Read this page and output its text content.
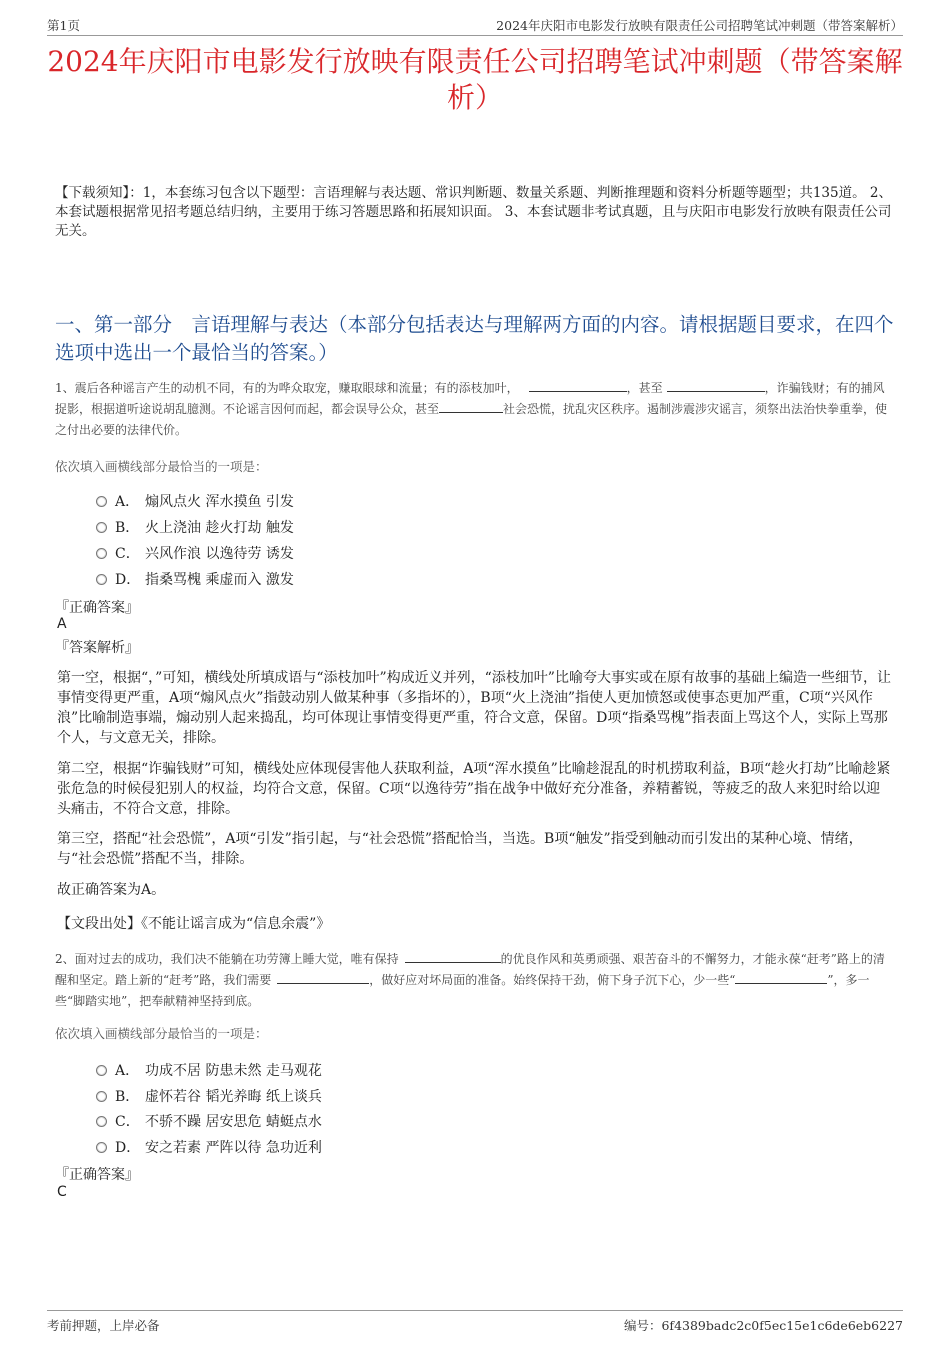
第1页	2024年庆阳市电影发行放映有限责任公司招聘笔试冲刺题（带答案解析）
2024年庆阳市电影发行放映有限责任公司招聘笔试冲刺题（带答案解析）
【下载须知】：1，本套练习包含以下题型：言语理解与表达题、常识判断题、数量关系题、判断推理题和资料分析题等题型；共135道。 2、本套试题根据常见招考题总结归纳，主要用于练习答题思路和拓展知识面。 3、本套试题非考试真题，且与庆阳市电影发行放映有限责任公司无关。
一、第一部分　言语理解与表达（本部分包括表达与理解两方面的内容。请根据题目要求，在四个选项中选出一个最恰当的答案。）
1、震后各种谣言产生的动机不同，有的为哗众取宠，赚取眼球和流量；有的添枝加叶，	，甚至	，诈骗钱财；有的捕风捉影，根据道听途说胡乱臆测。不论谣言因何而起，都会误导公众，甚至	社会恐慌，扰乱灾区秩序。遏制涉震涉灾谣言，须祭出法治快拳重拳，使之付出必要的法律代价。
依次填入画横线部分最恰当的一项是：
A． 煽风点火 浑水摸鱼 引发
B． 火上浇油 趁火打劫 触发
C． 兴风作浪 以逸待劳 诱发
D． 指桑骂槐 乘虚而入 激发
『正确答案』
A
『答案解析』

第一空，根据“，”可知，横线处所填成语与“添枝加叶”构成近义并列，“添枝加叶”比喻夸大事实或在原有故事的基础上编造一些细节，让事情变得更严重，A项“煽风点火”指鼓动别人做某种事（多指坏的），B项“火上浇油”指使人更加愤怒或使事态更加严重，C项“兴风作浪”比喻制造事端，煽动别人起来捣乱，均可体现让事情变得更严重，符合文意，保留。D项“指桑骂槐”指表面上骂这个人，实际上骂那个人，与文意无关，排除。

第二空，根据“诈骗钱财”可知，横线处应体现侵害他人获取利益，A项“浑水摸鱼”比喻趁混乱的时机捞取利益，B项“趁火打劫”比喻趁紧张危急的时候侵犯别人的权益，均符合文意，保留。C项“以逸待劳”指在战争中做好充分准备，养精蓄锐，等疲乏的敌人来犯时给以迎头痛击，不符合文意，排除。

第三空，搭配“社会恐慌”，A项“引发”指引起，与“社会恐慌”搭配恰当，当选。B项“触发”指受到触动而引发出的某种心境、情绪，与“社会恐慌”搭配不当，排除。

故正确答案为A。

【文段出处】《不能让谣言成为“信息余震”》

2、面对过去的成功，我们决不能躺在功劳簿上睡大觉，唯有保持	的优良作风和英勇顽强、艰苦奋斗的不懈努力，才能永葆“赶考”路上的清醒和坚定。踏上新的“赶考”路，我们需要	，做好应对坏局面的准备。始终保持干劲，俯下身子沉下心，少一些“	”，多一些“脚踏实地”，把奉献精神坚持到底。
依次填入画横线部分最恰当的一项是：
A． 功成不居 防患未然 走马观花
B． 虚怀若谷 韬光养晦 纸上谈兵
C． 不骄不躁 居安思危 蜻蜓点水
D． 安之若素 严阵以待 急功近利
『正确答案』
C
考前押题，上岸必备	编号：6f4389badc2c0f5ec15e1c6de6eb6227
